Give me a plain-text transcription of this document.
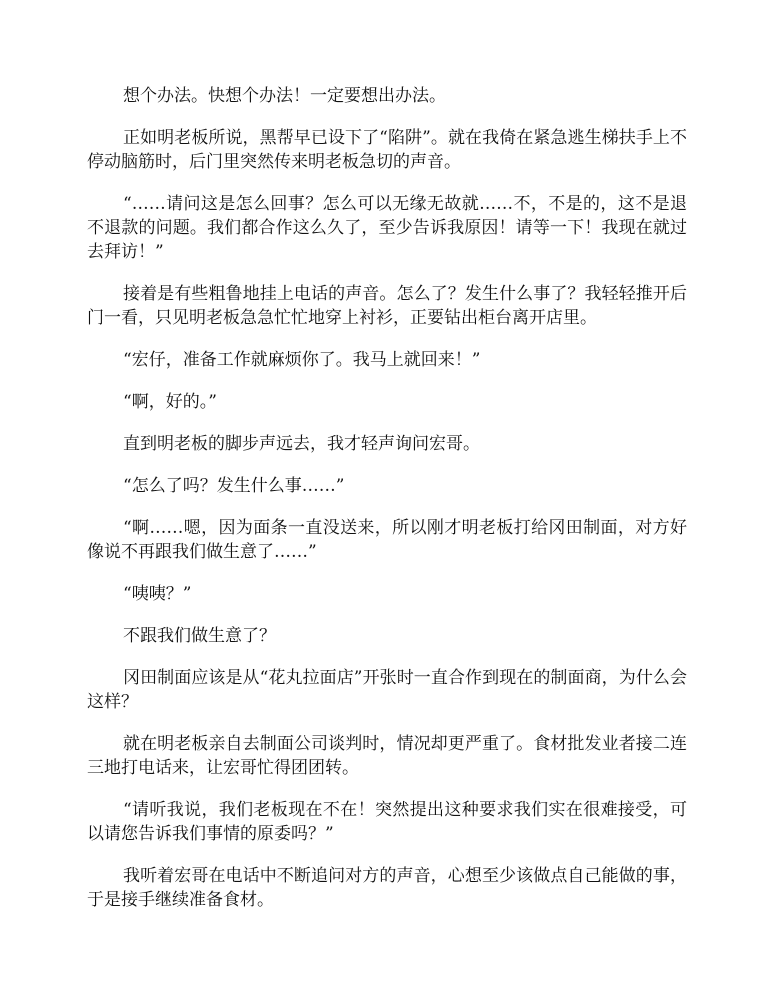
想个办法。快想个办法！一定要想出办法。

正如明老板所说，黑帮早已设下了“陷阱”。就在我倚在紧急逃生梯扶手上不停动脑筋时，后门里突然传来明老板急切的声音。

“……请问这是怎么回事？怎么可以无缘无故就……不，不是的，这不是退不退款的问题。我们都合作这么久了，至少告诉我原因！请等一下！我现在就过去拜访！”

接着是有些粗鲁地挂上电话的声音。怎么了？发生什么事了？我轻轻推开后门一看，只见明老板急急忙忙地穿上衬衫，正要钻出柜台离开店里。

“宏仔，准备工作就麻烦你了。我马上就回来！”

“啊，好的。”

直到明老板的脚步声远去，我才轻声询问宏哥。

“怎么了吗？发生什么事……”

“啊……嗯，因为面条一直没送来，所以刚才明老板打给冈田制面，对方好像说不再跟我们做生意了……”

“咦咦？”

不跟我们做生意了？

冈田制面应该是从“花丸拉面店”开张时一直合作到现在的制面商，为什么会这样？

就在明老板亲自去制面公司谈判时，情况却更严重了。食材批发业者接二连三地打电话来，让宏哥忙得团团转。

“请听我说，我们老板现在不在！突然提出这种要求我们实在很难接受，可以请您告诉我们事情的原委吗？”

我听着宏哥在电话中不断追问对方的声音，心想至少该做点自己能做的事，于是接手继续准备食材。
